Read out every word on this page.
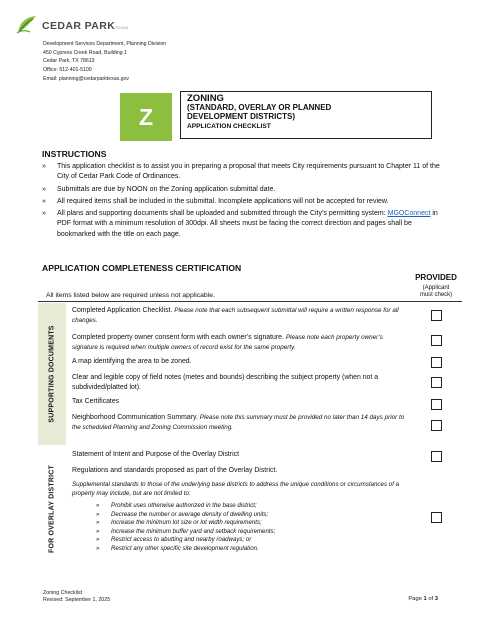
CEDAR PARK TEXAS
Development Services Department, Planning Division
450 Cypress Creek Road, Building 1
Cedar Park, TX 78613
Office: 512-401-5100
Email: planning@cedarparktexas.gov
Z
ZONING
(STANDARD, OVERLAY OR PLANNED
DEVELOPMENT DISTRICTS)
APPLICATION CHECKLIST
INSTRUCTIONS
» This application checklist is to assist you in preparing a proposal that meets City requirements pursuant to Chapter 11 of the City of Cedar Park Code of Ordinances.
» Submittals are due by NOON on the Zoning application submittal date.
» All required items shall be included in the submittal. Incomplete applications will not be accepted for review.
» All plans and supporting documents shall be uploaded and submitted through the City’s permitting system: MGOConnect in PDF format with a minimum resolution of 300dpi. All sheets must be facing the correct direction and pages shall be bookmarked with the title on each page.
APPLICATION COMPLETENESS CERTIFICATION
PROVIDED
(Applicant
must check)
All items listed below are required unless not applicable.
SUPPORTING DOCUMENTS
Completed Application Checklist. Please note that each subsequent submittal will require a written response for all changes.
Completed property owner consent form with each owner’s signature. Please note each property owner’s signature is required when multiple owners of record exist for the same property.
A map identifying the area to be zoned.
Clear and legible copy of field notes (metes and bounds) describing the subject property (when not a subdivided/platted lot).
Tax Certificates
Neighborhood Communication Summary. Please note this summary must be provided no later than 14 days prior to the scheduled Planning and Zoning Commission meeting.
FOR OVERLAY DISTRICT
Statement of Intent and Purpose of the Overlay District
Regulations and standards proposed as part of the Overlay District.
Supplemental standards to those of the underlying base districts to address the unique conditions or circumstances of a property may include, but are not limited to:
» Prohibit uses otherwise authorized in the base district;
» Decrease the number or average density of dwelling units;
» Increase the minimum lot size or lot width requirements;
» Increase the minimum buffer yard and setback requirements;
» Restrict access to abutting and nearby roadways; or
» Restrict any other specific site development regulation.
Zoning Checklist
Revised: September 1, 2025	Page 1 of 3
